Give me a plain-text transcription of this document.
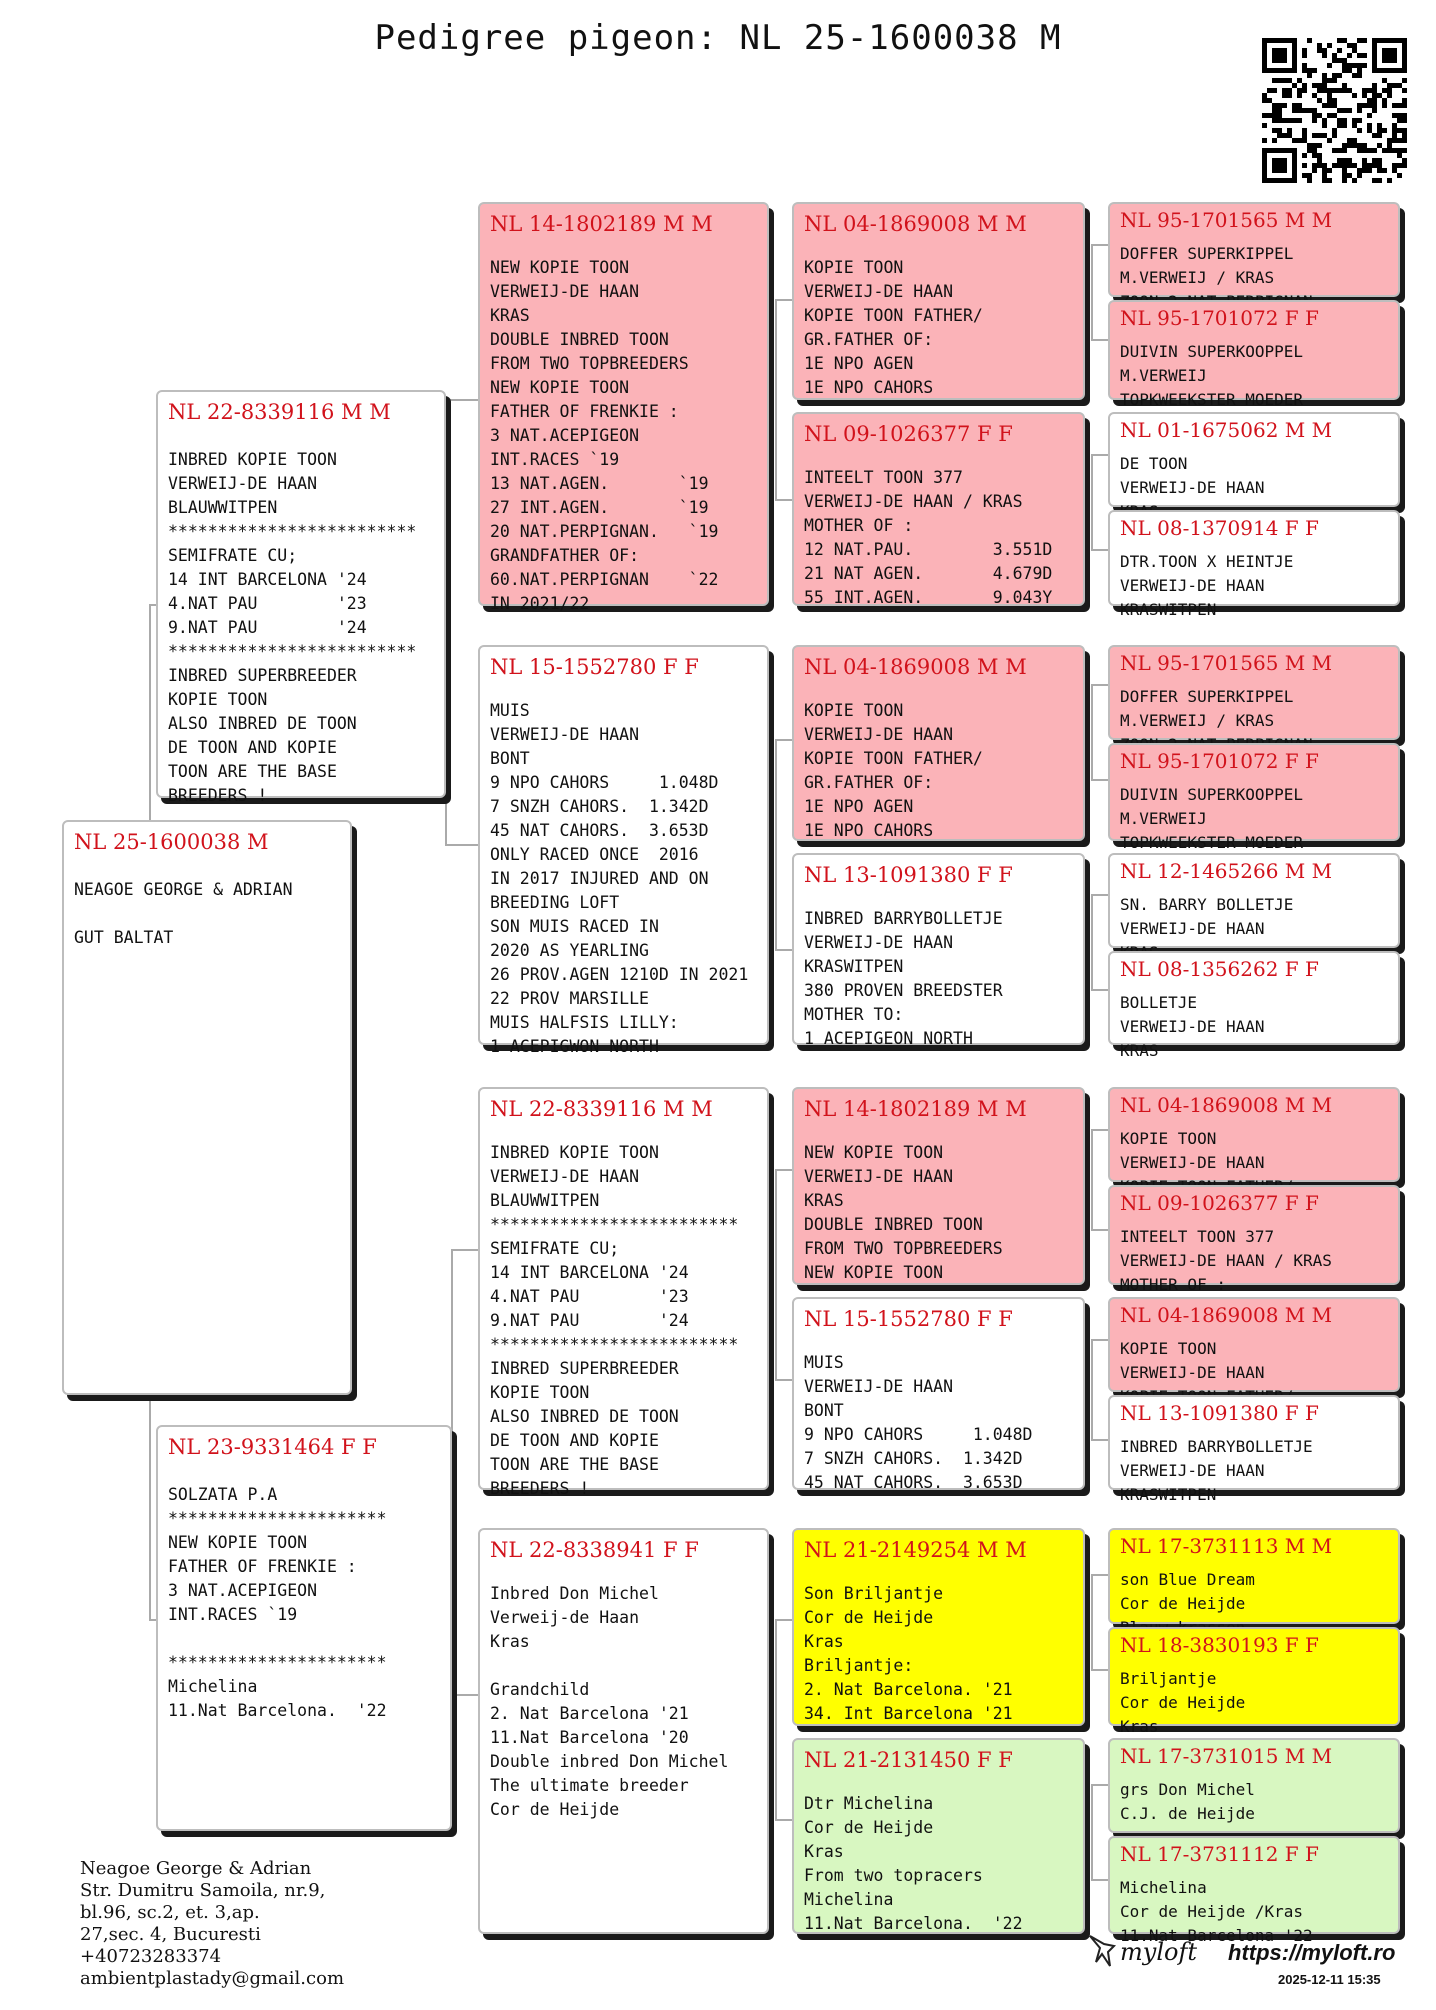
Pedigree pigeon: NL 25-1600038 M
NL 25-1600038 M
NEAGOE GEORGE & ADRIAN

GUT BALTAT
NL 22-8339116 M M
INBRED KOPIE TOON
VERWEIJ-DE HAAN
BLAUWWITPEN
*************************
SEMIFRATE CU;
14 INT BARCELONA '24
4.NAT PAU        '23
9.NAT PAU        '24
*************************
INBRED SUPERBREEDER
KOPIE TOON
ALSO INBRED DE TOON
DE TOON AND KOPIE
TOON ARE THE BASE
BREEDERS !
NL 23-9331464 F F
SOLZATA P.A
**********************
NEW KOPIE TOON
FATHER OF FRENKIE :
3 NAT.ACEPIGEON
INT.RACES `19

**********************
Michelina
11.Nat Barcelona.  '22
NL 14-1802189 M M
NEW KOPIE TOON
VERWEIJ-DE HAAN
KRAS
DOUBLE INBRED TOON
FROM TWO TOPBREEDERS
NEW KOPIE TOON
FATHER OF FRENKIE :
3 NAT.ACEPIGEON
INT.RACES `19
13 NAT.AGEN.       `19
27 INT.AGEN.       `19
20 NAT.PERPIGNAN.   `19
GRANDFATHER OF:
60.NAT.PERPIGNAN    `22
IN 2021/22
NL 15-1552780 F F
MUIS
VERWEIJ-DE HAAN
BONT
9 NPO CAHORS     1.048D
7 SNZH CAHORS.  1.342D
45 NAT CAHORS.  3.653D
ONLY RACED ONCE  2016
IN 2017 INJURED AND ON
BREEDING LOFT
SON MUIS RACED IN
2020 AS YEARLING
26 PROV.AGEN 1210D IN 2021
22 PROV MARSILLE
MUIS HALFSIS LILLY:
1 ACEPIGWON NORTH
NL 22-8339116 M M
INBRED KOPIE TOON
VERWEIJ-DE HAAN
BLAUWWITPEN
*************************
SEMIFRATE CU;
14 INT BARCELONA '24
4.NAT PAU        '23
9.NAT PAU        '24
*************************
INBRED SUPERBREEDER
KOPIE TOON
ALSO INBRED DE TOON
DE TOON AND KOPIE
TOON ARE THE BASE
BREEDERS !
NL 22-8338941 F F
Inbred Don Michel
Verweij-de Haan
Kras

Grandchild
2. Nat Barcelona '21
11.Nat Barcelona '20
Double inbred Don Michel
The ultimate breeder
Cor de Heijde
NL 04-1869008 M M
KOPIE TOON
VERWEIJ-DE HAAN
KOPIE TOON FATHER/
GR.FATHER OF:
1E NPO AGEN
1E NPO CAHORS
NL 09-1026377 F F
INTEELT TOON 377
VERWEIJ-DE HAAN / KRAS
MOTHER OF :
12 NAT.PAU.        3.551D
21 NAT AGEN.       4.679D
55 INT.AGEN.       9.043Y
NL 04-1869008 M M
KOPIE TOON
VERWEIJ-DE HAAN
KOPIE TOON FATHER/
GR.FATHER OF:
1E NPO AGEN
1E NPO CAHORS
NL 13-1091380 F F
INBRED BARRYBOLLETJE
VERWEIJ-DE HAAN
KRASWITPEN
380 PROVEN BREEDSTER
MOTHER TO:
1 ACEPIGEON NORTH
NL 14-1802189 M M
NEW KOPIE TOON
VERWEIJ-DE HAAN
KRAS
DOUBLE INBRED TOON
FROM TWO TOPBREEDERS
NEW KOPIE TOON
NL 15-1552780 F F
MUIS
VERWEIJ-DE HAAN
BONT
9 NPO CAHORS     1.048D
7 SNZH CAHORS.  1.342D
45 NAT CAHORS.  3.653D
NL 21-2149254 M M
Son Briljantje
Cor de Heijde
Kras
Briljantje:
2. Nat Barcelona. '21
34. Int Barcelona '21
NL 21-2131450 F F
Dtr Michelina
Cor de Heijde
Kras
From two topracers
Michelina
11.Nat Barcelona.  '22
NL 95-1701565 M M
DOFFER SUPERKIPPEL
M.VERWEIJ / KRAS

NL 95-1701072 F F
DUIVIN SUPERKOOPPEL
M.VERWEIJ
TOPKWEEKSTER MOEDER
NL 01-1675062 M M
DE TOON
VERWEIJ-DE HAAN

NL 08-1370914 F F
DTR.TOON X HEINTJE
VERWEIJ-DE HAAN
KRASWITPEN
NL 95-1701565 M M
DOFFER SUPERKIPPEL
M.VERWEIJ / KRAS

NL 95-1701072 F F
DUIVIN SUPERKOOPPEL
M.VERWEIJ
TOPKWEEKSTER MOEDER
NL 12-1465266 M M
SN. BARRY BOLLETJE
VERWEIJ-DE HAAN

NL 08-1356262 F F
BOLLETJE
VERWEIJ-DE HAAN
KRAS
NL 04-1869008 M M
KOPIE TOON
VERWEIJ-DE HAAN

NL 09-1026377 F F
INTEELT TOON 377
VERWEIJ-DE HAAN / KRAS
MOTHER OF :
NL 04-1869008 M M
KOPIE TOON
VERWEIJ-DE HAAN

NL 13-1091380 F F
INBRED BARRYBOLLETJE
VERWEIJ-DE HAAN
KRASWITPEN
NL 17-3731113 M M
son Blue Dream
Cor de Heijde

NL 18-3830193 F F
Briljantje
Cor de Heijde
Kras
NL 17-3731015 M M
grs Don Michel
C.J. de Heijde
NL 17-3731112 F F
Michelina
Cor de Heijde /Kras
11.Nat Barcelona '22
Neagoe George & Adrian
Str. Dumitru Samoila, nr.9,
bl.96, sc.2, et. 3,ap.
27,sec. 4, Bucuresti
+40723283374
ambientplastady@gmail.com
myloft https://myloft.ro
2025-12-11 15:35
